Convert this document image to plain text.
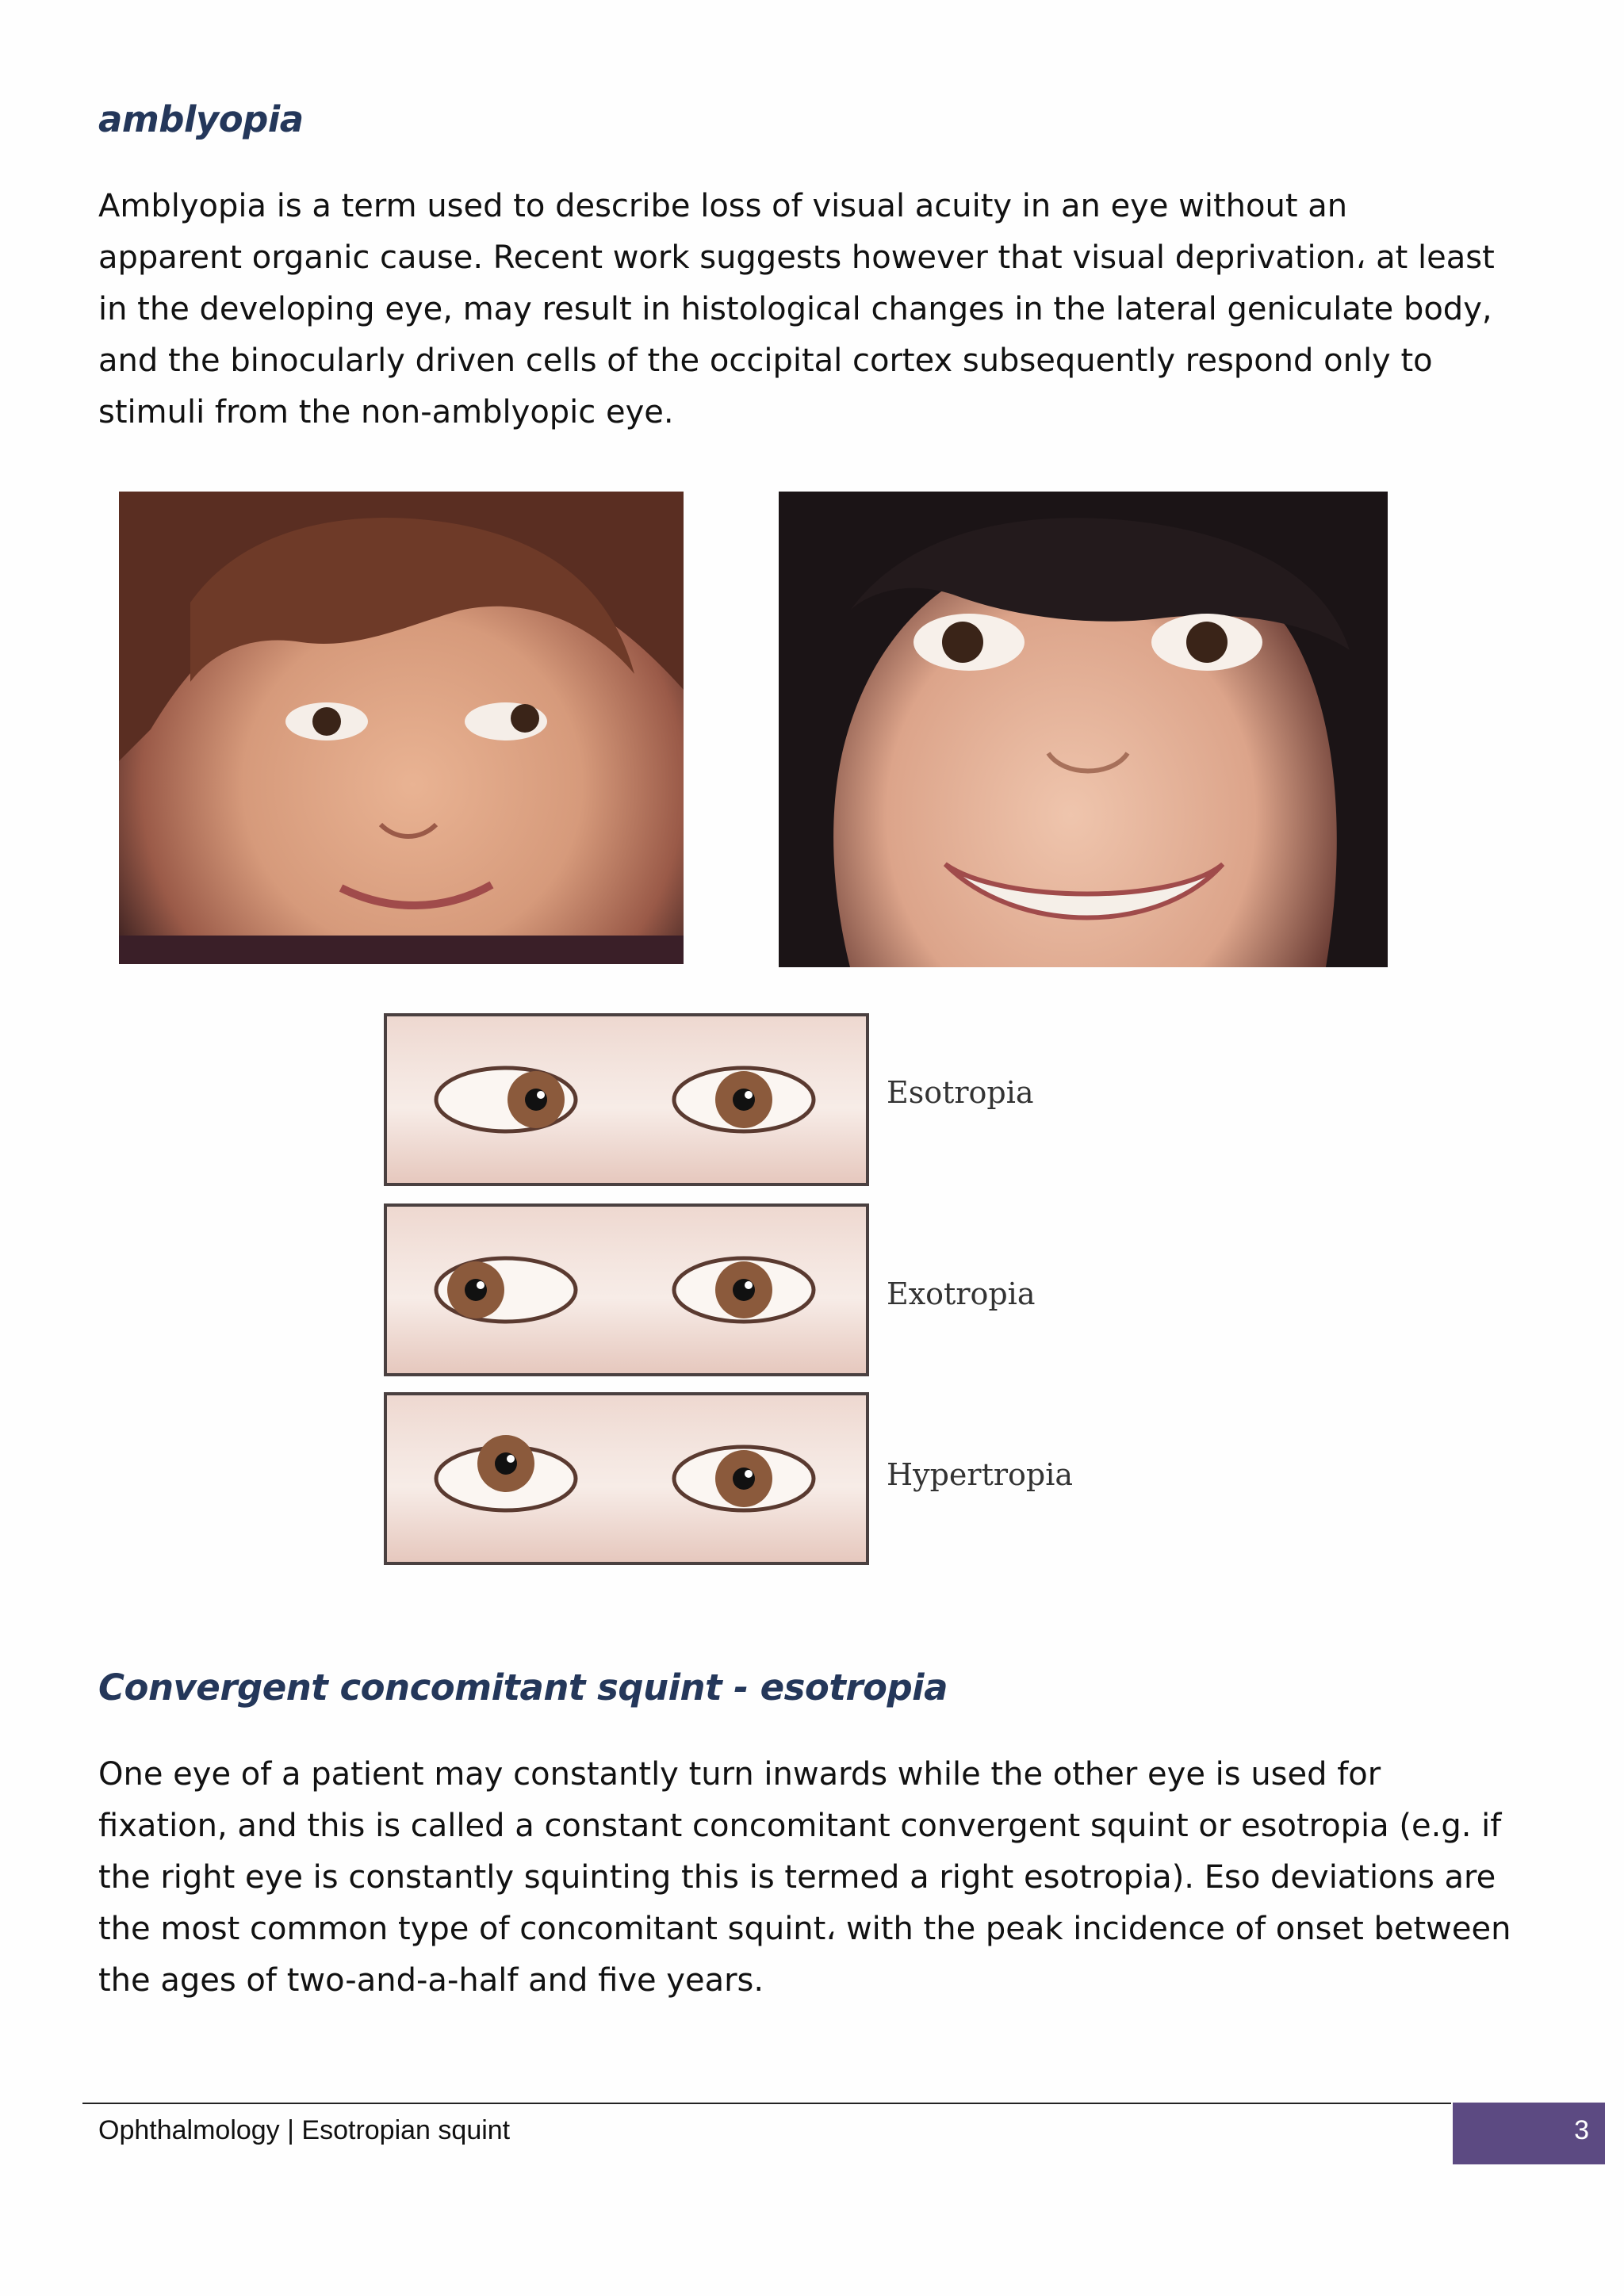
amblyopia
Amblyopia is a term used to describe loss of visual acuity in an eye without an
apparent organic cause. Recent work suggests however that visual deprivation، at least
in the developing eye, may result in histological changes in the lateral geniculate body,
and the binocularly driven cells of the occipital cortex subsequently respond only to
stimuli from the non-amblyopic eye.
Esotropia
Exotropia
Hypertropia
Convergent concomitant squint - esotropia
One eye of a patient may constantly turn inwards while the other eye is used for
fixation, and this is called a constant concomitant convergent squint or esotropia (e.g. if
the right eye is constantly squinting this is termed a right esotropia). Eso deviations are
the most common type of concomitant squint، with the peak incidence of onset between
the ages of two-and-a-half and five years.
Ophthalmology | Esotropian squint	3
